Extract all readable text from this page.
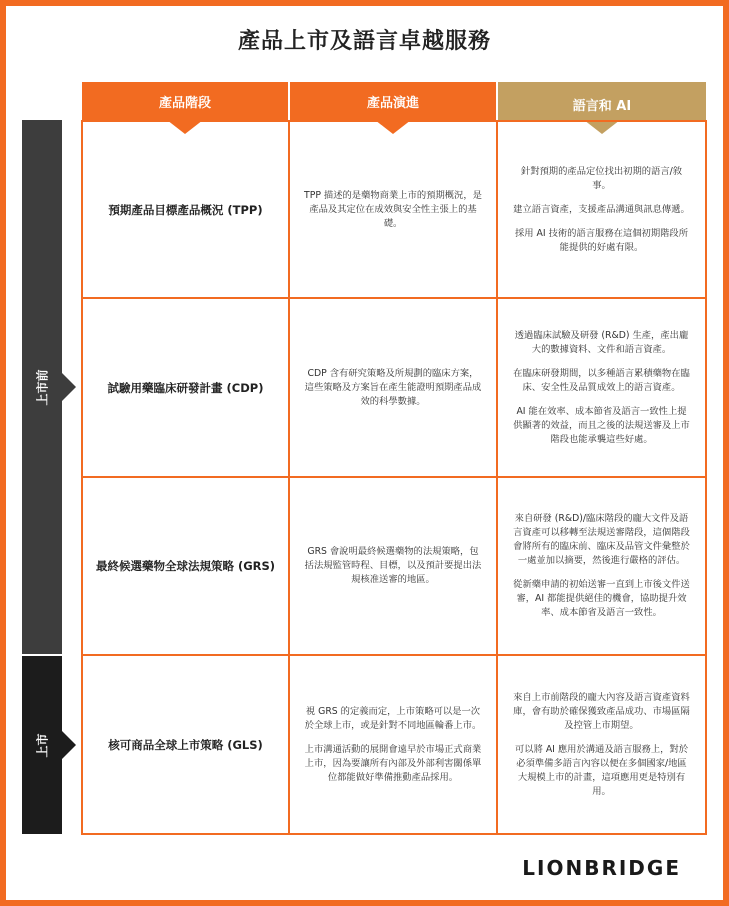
產品上市及語言卓越服務
產品階段	產品演進	語言和 AI
上市前
上市
預期產品目標產品概況 (TPP)

TPP 描述的是藥物商業上市的預期概況，是產品及其定位在成效與安全性主張上的基礎。

針對預期的產品定位找出初期的語言/敘事。

建立語言資產，支援產品溝通與訊息傳遞。

採用 AI 技術的語言服務在這個初期階段所能提供的好處有限。

試驗用藥臨床研發計畫 (CDP)

CDP 含有研究策略及所規劃的臨床方案，這些策略及方案旨在產生能證明預期產品成效的科學數據。

透過臨床試驗及研發 (R&D) 生產，產出龐大的數據資料、文件和語言資產。

在臨床研發期間，以多種語言累積藥物在臨床、安全性及品質成效上的語言資產。

AI 能在效率、成本節省及語言一致性上提供顯著的效益，而且之後的法規送審及上市階段也能承襲這些好處。

最終候選藥物全球法規策略 (GRS)

GRS 會說明最終候選藥物的法規策略，包括法規監管時程、目標，以及預計要提出法規核准送審的地區。

來自研發 (R&D)/臨床階段的龐大文件及語言資產可以移轉至法規送審階段，這個階段會將所有的臨床前、臨床及品管文件彙整於一處並加以摘要，然後進行嚴格的評估。

從新藥申請的初始送審一直到上市後文件送審，AI 都能提供絕佳的機會，協助提升效率、成本節省及語言一致性。

核可商品全球上市策略 (GLS)

視 GRS 的定義而定，上市策略可以是一次於全球上市，或是針對不同地區輪番上市。

上市溝通活動的展開會遠早於市場正式商業上市，因為要讓所有內部及外部利害關係單位都能做好準備推動產品採用。

來自上市前階段的龐大內容及語言資產資料庫，會有助於確保獲致產品成功、市場區隔及控管上市期望。

可以將 AI 應用於溝通及語言服務上，對於必須準備多語言內容以便在多個國家/地區大規模上市的計畫，這項應用更是特別有用。

LIONBRIDGE
